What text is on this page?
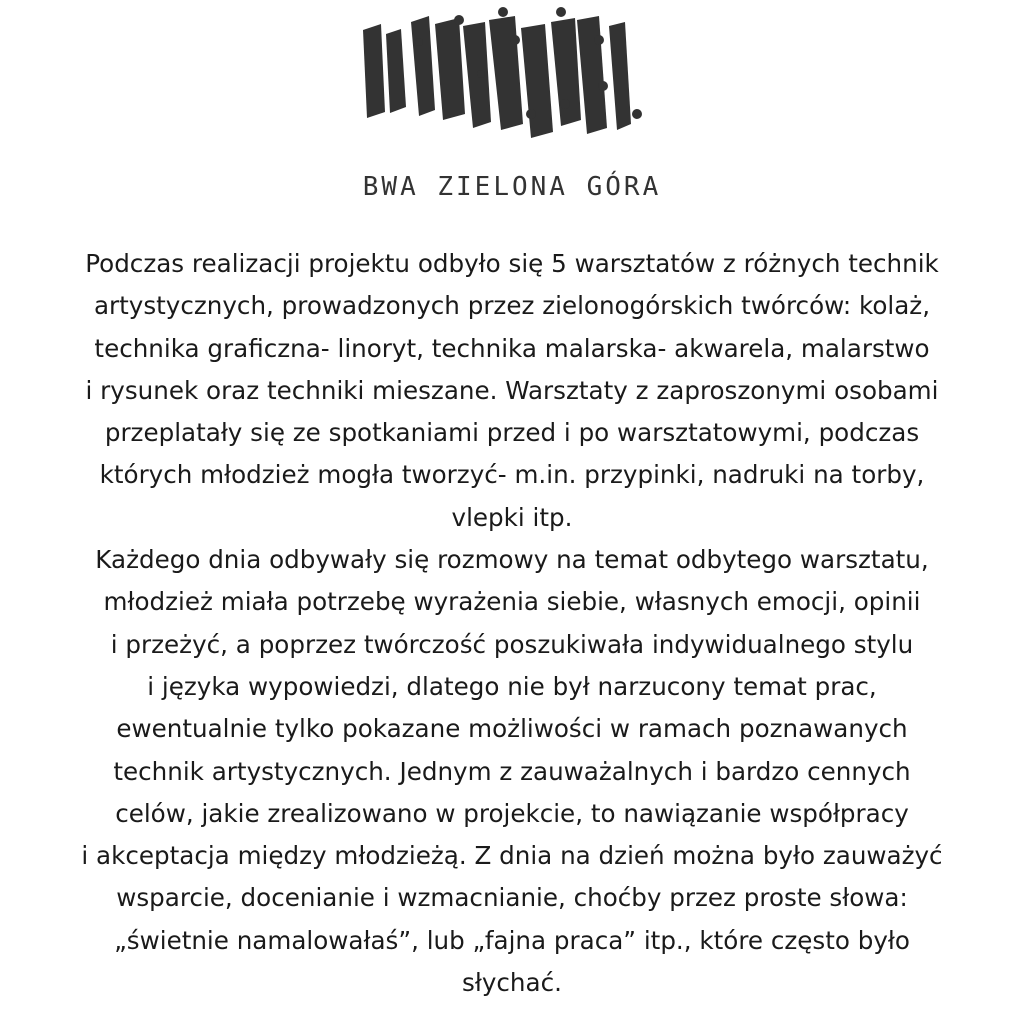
BWA ZIELONA GÓRA
Podczas realizacji projektu odbyło się 5 warsztatów z różnych technik
artystycznych, prowadzonych przez zielonogórskich twórców: kolaż,
technika graficzna- linoryt, technika malarska- akwarela, malarstwo
i rysunek oraz techniki mieszane. Warsztaty z zaproszonymi osobami
przeplatały się ze spotkaniami przed i po warsztatowymi, podczas
których młodzież mogła tworzyć- m.in. przypinki, nadruki na torby,
vlepki itp.
Każdego dnia odbywały się rozmowy na temat odbytego warsztatu,
młodzież miała potrzebę wyrażenia siebie, własnych emocji, opinii
i przeżyć, a poprzez twórczość poszukiwała indywidualnego stylu
i języka wypowiedzi, dlatego nie był narzucony temat prac,
ewentualnie tylko pokazane możliwości w ramach poznawanych
technik artystycznych. Jednym z zauważalnych i bardzo cennych
celów, jakie zrealizowano w projekcie, to nawiązanie współpracy
i akceptacja między młodzieżą. Z dnia na dzień można było zauważyć
wsparcie, docenianie i wzmacnianie, choćby przez proste słowa:
„świetnie namalowałaś”, lub „fajna praca” itp., które często było
słychać.
